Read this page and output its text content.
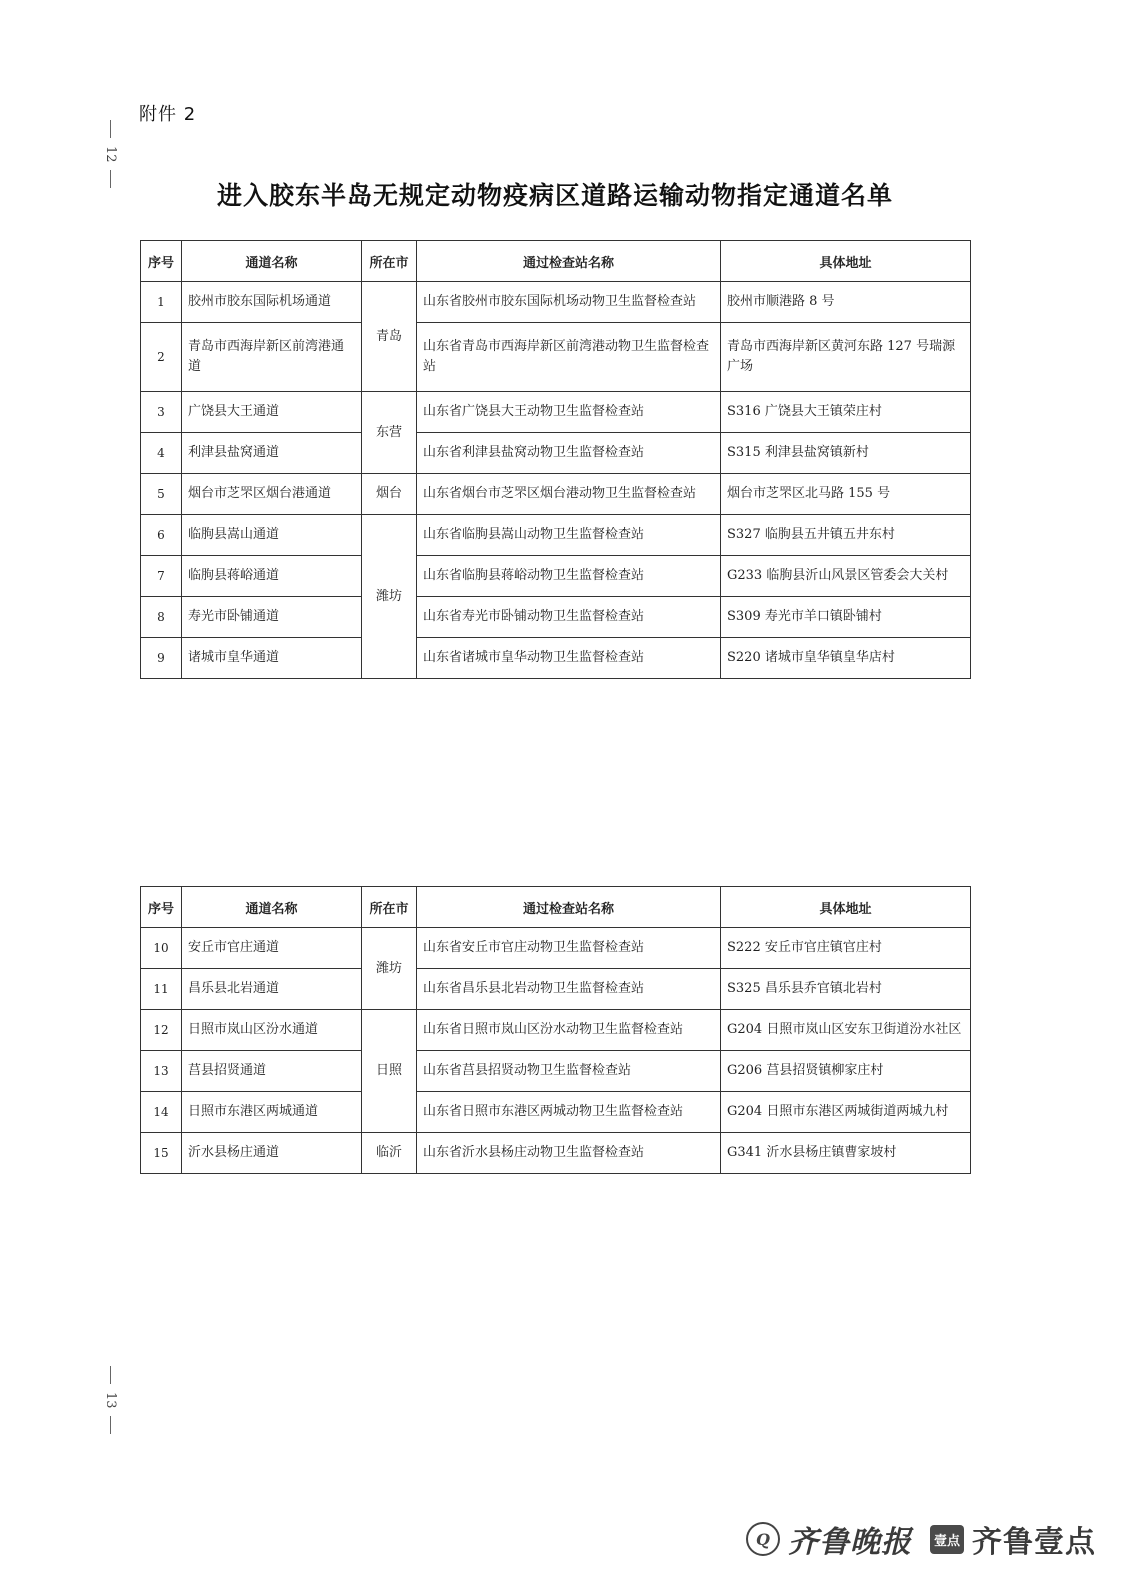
附件 2
12
进入胶东半岛无规定动物疫病区道路运输动物指定通道名单
序号	通道名称	所在市	通过检查站名称	具体地址
1	胶州市胶东国际机场通道	青岛	山东省胶州市胶东国际机场动物卫生监督检查站	胶州市顺港路 8 号
2	青岛市西海岸新区前湾港通道		山东省青岛市西海岸新区前湾港动物卫生监督检查站	青岛市西海岸新区黄河东路 127 号瑞源广场
3	广饶县大王通道	东营	山东省广饶县大王动物卫生监督检查站	S316 广饶县大王镇荣庄村
4	利津县盐窝通道		山东省利津县盐窝动物卫生监督检查站	S315 利津县盐窝镇新村
5	烟台市芝罘区烟台港通道	烟台	山东省烟台市芝罘区烟台港动物卫生监督检查站	烟台市芝罘区北马路 155 号
6	临朐县嵩山通道	潍坊	山东省临朐县嵩山动物卫生监督检查站	S327 临朐县五井镇五井东村
7	临朐县蒋峪通道		山东省临朐县蒋峪动物卫生监督检查站	G233 临朐县沂山风景区管委会大关村
8	寿光市卧铺通道		山东省寿光市卧铺动物卫生监督检查站	S309 寿光市羊口镇卧铺村
9	诸城市皇华通道		山东省诸城市皇华动物卫生监督检查站	S220 诸城市皇华镇皇华店村
序号	通道名称	所在市	通过检查站名称	具体地址
10	安丘市官庄通道	潍坊	山东省安丘市官庄动物卫生监督检查站	S222 安丘市官庄镇官庄村
11	昌乐县北岩通道		山东省昌乐县北岩动物卫生监督检查站	S325 昌乐县乔官镇北岩村
12	日照市岚山区汾水通道	日照	山东省日照市岚山区汾水动物卫生监督检查站	G204 日照市岚山区安东卫街道汾水社区
13	莒县招贤通道		山东省莒县招贤动物卫生监督检查站	G206 莒县招贤镇柳家庄村
14	日照市东港区两城通道		山东省日照市东港区两城动物卫生监督检查站	G204 日照市东港区两城街道两城九村
15	沂水县杨庄通道	临沂	山东省沂水县杨庄动物卫生监督检查站	G341 沂水县杨庄镇曹家坡村
13
Q 齐鲁晚报	壹点 齐鲁壹点
